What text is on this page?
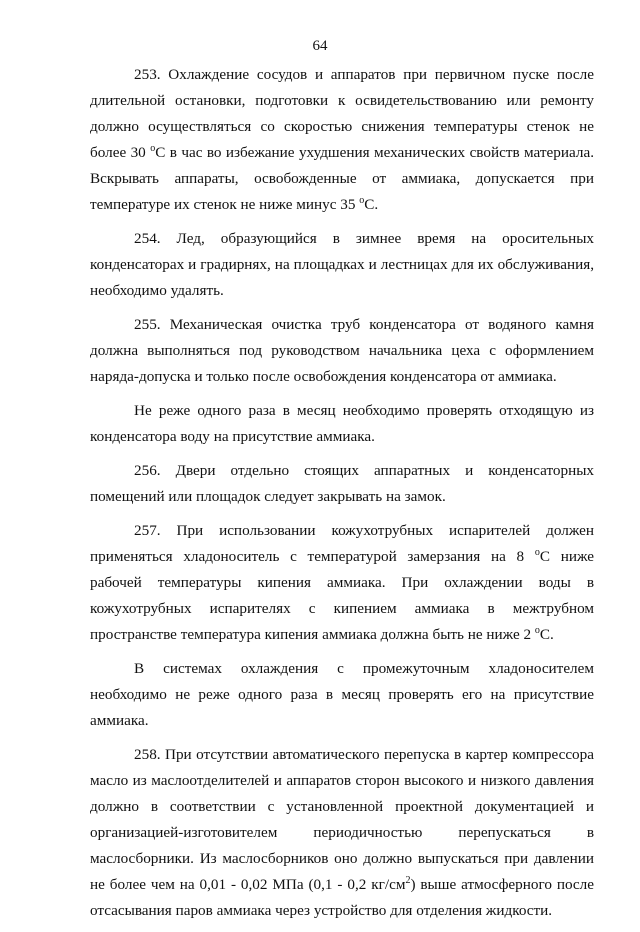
64

253. Охлаждение сосудов и аппаратов при первичном пуске после длительной остановки, подготовки к освидетельствованию или ремонту должно осуществляться со скоростью снижения температуры стенок не более 30 $^о$С в час во избежание ухудшения механических свойств материала. Вскрывать аппараты, освобожденные от аммиака, допускается при температуре их стенок не ниже минус 35 $^о$С.

254. Лед, образующийся в зимнее время на оросительных конденсаторах и градирнях, на площадках и лестницах для их обслуживания, необходимо удалять.

255. Механическая очистка труб конденсатора от водяного камня должна выполняться под руководством начальника цеха с оформлением наряда-допуска и только после освобождения конденсатора от аммиака.

Не реже одного раза в месяц необходимо проверять отходящую из конденсатора воду на присутствие аммиака.

256. Двери отдельно стоящих аппаратных и конденсаторных помещений или площадок следует закрывать на замок.

257. При использовании кожухотрубных испарителей должен применяться хладоноситель с температурой замерзания на 8 $^о$С ниже рабочей температуры кипения аммиака. При охлаждении воды в кожухотрубных испарителях с кипением аммиака в межтрубном пространстве температура кипения аммиака должна быть не ниже 2 $^о$С.

В системах охлаждения с промежуточным хладоносителем необходимо не реже одного раза в месяц проверять его на присутствие аммиака.

258. При отсутствии автоматического перепуска в картер компрессора масло из маслоотделителей и аппаратов сторон высокого и низкого давления должно в соответствии с установленной проектной документацией и организацией-изготовителем периодичностью перепускаться в маслосборники. Из маслосборников оно должно выпускаться при давлении не более чем на 0,01 - 0,02 МПа (0,1 - 0,2 $кг/см^2$) выше атмосферного после отсасывания паров аммиака через устройство для отделения жидкости.
